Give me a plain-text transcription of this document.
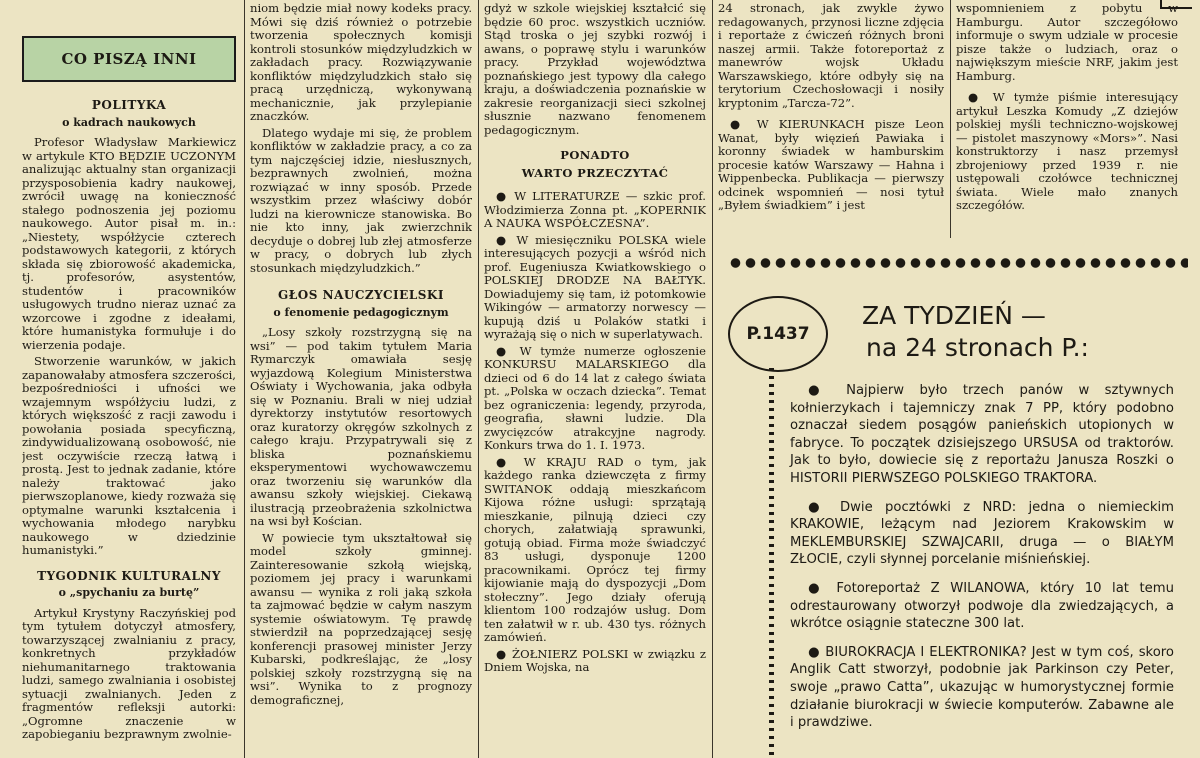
CO PISZĄ INNI
POLITYKA
o kadrach naukowych

Profesor Władysław Markiewicz w artykule KTO BĘDZIE UCZONYM analizując aktualny stan organizacji przysposobienia kadry naukowej, zwrócił uwagę na konieczność stałego podnoszenia jej poziomu naukowego. Autor pisał m. in.: „Niestety, współżycie czterech podstawowych kategorii, z których składa się zbiorowość akademicka, tj. profesorów, asystentów, studentów i pracowników usługowych trudno nieraz uznać za wzorcowe i zgodne z ideałami, które humanistyka formułuje i do wierzenia podaje.

Stworzenie warunków, w jakich zapanowałaby atmosfera szczerości, bezpośredniości i ufności we wzajemnym współżyciu ludzi, z których większość z racji zawodu i powołania posiada specyficzną, zindywidualizowaną osobowość, nie jest oczywiście rzeczą łatwą i prostą. Jest to jednak zadanie, które należy traktować jako pierwszoplanowe, kiedy rozważa się optymalne warunki kształcenia i wychowania młodego narybku naukowego w dziedzinie humanistyki.”

TYGODNIK KULTURALNY
o „spychaniu za burtę”

Artykuł Krystyny Raczyńskiej pod tym tytułem dotyczył atmosfery, towarzyszącej zwalnianiu z pracy, konkretnych przykładów niehumanitarnego traktowania ludzi, samego zwalniania i osobistej sytuacji zwalnianych. Jeden z fragmentów refleksji autorki: „Ogromne znaczenie w zapobieganiu bezprawnym zwolnie-

niom będzie miał nowy kodeks pracy. Mówi się dziś również o potrzebie tworzenia społecznych komisji kontroli stosunków międzyludzkich w zakładach pracy. Rozwiązywanie konfliktów międzyludzkich stało się pracą urzędniczą, wykonywaną mechanicznie, jak przylepianie znaczków.

Dlatego wydaje mi się, że problem konfliktów w zakładzie pracy, a co za tym najczęściej idzie, niesłusznych, bezprawnych zwolnień, można rozwiązać w inny sposób. Przede wszystkim przez właściwy dobór ludzi na kierownicze stanowiska. Bo nie kto inny, jak zwierzchnik decyduje o dobrej lub złej atmosferze w pracy, o dobrych lub złych stosunkach międzyludzkich.”

GŁOS NAUCZYCIELSKI
o fenomenie pedagogicznym

„Losy szkoły rozstrzygną się na wsi” — pod takim tytułem Maria Rymarczyk omawiała sesję wyjazdową Kolegium Ministerstwa Oświaty i Wychowania, jaka odbyła się w Poznaniu. Brali w niej udział dyrektorzy instytutów resortowych oraz kuratorzy okręgów szkolnych z całego kraju. Przypatrywali się z bliska poznańskiemu eksperymentowi wychowawczemu oraz tworzeniu się warunków dla awansu szkoły wiejskiej. Ciekawą ilustracją przeobrażenia szkolnictwa na wsi był Kościan.

W powiecie tym ukształtował się model szkoły gminnej. Zainteresowanie szkołą wiejską, poziomem jej pracy i warunkami awansu — wynika z roli jaką szkoła ta zajmować będzie w całym naszym systemie oświatowym. Tę prawdę stwierdził na poprzedzającej sesję konferencji prasowej minister Jerzy Kubarski, podkreślając, że „losy polskiej szkoły rozstrzygną się na wsi”. Wynika to z prognozy demograficznej,

gdyż w szkole wiejskiej kształcić się będzie 60 proc. wszystkich uczniów. Stąd troska o jej szybki rozwój i awans, o poprawę stylu i warunków pracy. Przykład województwa poznańskiego jest typowy dla całego kraju, a doświadczenia poznańskie w zakresie reorganizacji sieci szkolnej słusznie nazwano fenomenem pedagogicznym.

PONADTO
WARTO PRZECZYTAĆ

● W LITERATURZE — szkic prof. Włodzimierza Zonna pt. „KOPERNIK A NAUKA WSPÓŁCZESNA”.

● W miesięczniku POLSKA wiele interesujących pozycji a wśród nich prof. Eugeniusza Kwiatkowskiego o POLSKIEJ DRODZE NA BAŁTYK. Dowiadujemy się tam, iż potomkowie Wikingów — armatorzy norwescy — kupują dziś u Polaków statki i wyrażają się o nich w superlatywach.

● W tymże numerze ogłoszenie KONKURSU MALARSKIEGO dla dzieci od 6 do 14 lat z całego świata pt. „Polska w oczach dziecka”. Temat bez ograniczenia: legendy, przyroda, geografia, sławni ludzie. Dla zwycięzców atrakcyjne nagrody. Konkurs trwa do 1. I. 1973.

● W KRAJU RAD o tym, jak każdego ranka dziewczęta z firmy SWITANOK oddają mieszkańcom Kijowa różne usługi: sprzątają mieszkanie, pilnują dzieci czy chorych, załatwiają sprawunki, gotują obiad. Firma może świadczyć 83 usługi, dysponuje 1200 pracownikami. Oprócz tej firmy kijowianie mają do dyspozycji „Dom stołeczny”. Jego działy oferują klientom 100 rodzajów usług. Dom ten załatwił w r. ub. 430 tys. różnych zamówień.

● ŻOŁNIERZ POLSKI w związku z Dniem Wojska, na

24 stronach, jak zwykle żywo redagowanych, przynosi liczne zdjęcia i reportaże z ćwiczeń różnych broni naszej armii. Także fotoreportaż z manewrów wojsk Układu Warszawskiego, które odbyły się na terytorium Czechosłowacji i nosiły kryptonim „Tarcza-72”.

● W KIERUNKACH pisze Leon Wanat, były więzień Pawiaka i koronny świadek w hamburskim procesie katów Warszawy — Hahna i Wippenbecka. Publikacja — pierwszy odcinek wspomnień — nosi tytuł „Byłem świadkiem” i jest

wspomnieniem z pobytu w Hamburgu. Autor szczegółowo informuje o swym udziale w procesie pisze także o ludziach, oraz o największym mieście NRF, jakim jest Hamburg.

● W tymże piśmie interesujący artykuł Leszka Komudy „Z dziejów polskiej myśli techniczno-wojskowej — pistolet maszynowy «Mors»”. Nasi konstruktorzy i nasz przemysł zbrojeniowy przed 1939 r. nie ustępowali czołówce technicznej świata. Wiele mało znanych szczegółów.

P.1437
ZA TYDZIEŃ —
na 24 stronach P.:

● Najpierw było trzech panów w sztywnych kołnierzykach i tajemniczy znak 7 PP, który podobno oznaczał siedem posągów panieńskich utopionych w fabryce. To początek dzisiejszego URSUSA od traktorów. Jak to było, dowiecie się z reportażu Janusza Roszki o HISTORII PIERWSZEGO POLSKIEGO TRAKTORA.

● Dwie pocztówki z NRD: jedna o niemieckim KRAKOWIE, leżącym nad Jeziorem Krakowskim w MEKLEMBURSKIEJ SZWAJCARII, druga — o BIAŁYM ZŁOCIE, czyli słynnej porcelanie miśnieńskiej.

● Fotoreportaż Z WILANOWA, który 10 lat temu odrestaurowany otworzył podwoje dla zwiedzających, a wkrótce osiągnie stateczne 300 lat.

● BIUROKRACJA I ELEKTRONIKA? Jest w tym coś, skoro Anglik Catt stworzył, podobnie jak Parkinson czy Peter, swoje „prawo Catta”, ukazując w humorystycznej formie działanie biurokracji w świecie komputerów. Zabawne ale i prawdziwe.
